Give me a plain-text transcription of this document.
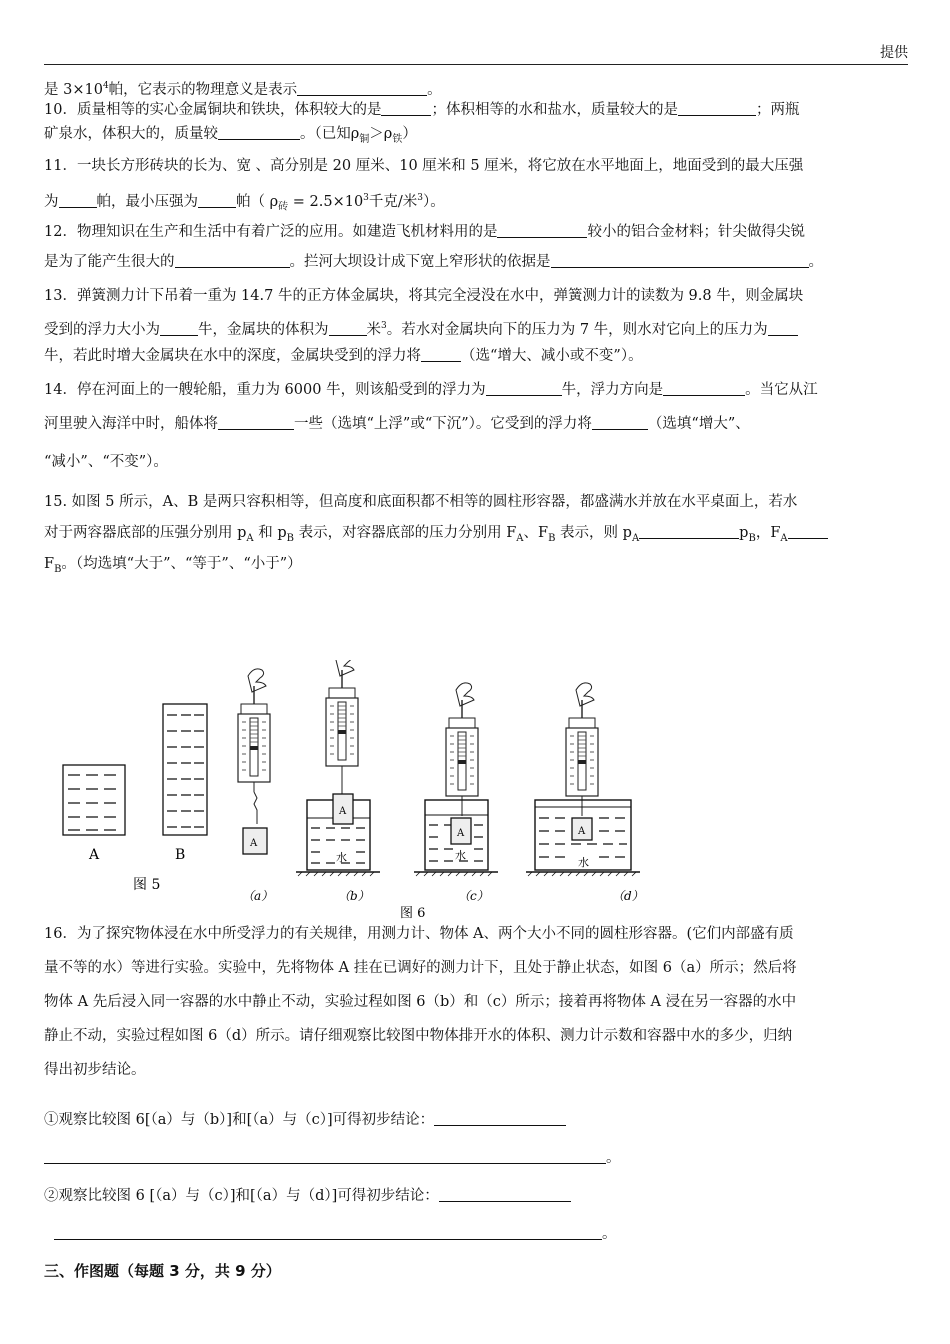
提供
是 $3\times 10^4$帕，它表示的物理意义是表示	。
10．质量相等的实心金属铜块和铁块，体积较大的是	；体积相等的水和盐水，质量较大的是	；两瓶
矿泉水，体积大的，质量较	。（已知$\rho_铜>\rho_铁$）
11．一块长方形砖块的长为、宽 、高分别是 20 厘米、10 厘米和 5 厘米，将它放在水平地面上，地面受到的最大压强
为	帕，最小压强为	帕（ $\rho_砖 = 2.5\times 10^3$千克/米$^3$）。
12．物理知识在生产和生活中有着广泛的应用。如建造飞机材料用的是	较小的铝合金材料；针尖做得尖锐
是为了能产生很大的	。拦河大坝设计成下宽上窄形状的依据是	。
13．弹簧测力计下吊着一重为 14.7 牛的正方体金属块，将其完全浸没在水中，弹簧测力计的读数为 9.8 牛，则金属块
受到的浮力大小为	牛，金属块的体积为	米$^3$。若水对金属块向下的压力为 7 牛，则水对它向上的压力为
牛，若此时增大金属块在水中的深度，金属块受到的浮力将	（选“增大、减小或不变”）。
14．停在河面上的一艘轮船，重力为 6000 牛，则该船受到的浮力为	牛，浮力方向是	。当它从江
河里驶入海洋中时，船体将	一些（选填“上浮”或“下沉”）。它受到的浮力将	（选填“增大”、
“减小”、“不变”）。
15. 如图 5 所示，A、B 是两只容积相等，但高度和底面积都不相等的圆柱形容器，都盛满水并放在水平桌面上，若水
对于两容器底部的压强分别用 $p_A$ 和 $p_B$ 表示，对容器底部的压力分别用 $F_A$、$F_B$ 表示，则 $p_A$	$p_B$，$F_A$
$F_B$。（均选填“大于”、“等于”、“小于”）
A	B
图 5
A
（a）
A
水
（b）
A
水
（c）
A
水
（d）
图 6
16．为了探究物体浸在水中所受浮力的有关规律，用测力计、物体 A、两个大小不同的圆柱形容器。(它们内部盛有质
量不等的水）等进行实验。实验中，先将物体 A 挂在已调好的测力计下，且处于静止状态，如图 6（a）所示；然后将
物体 A 先后浸入同一容器的水中静止不动，实验过程如图 6（b）和（c）所示；接着再将物体 A 浸在另一容器的水中
静止不动，实验过程如图 6（d）所示。请仔细观察比较图中物体排开水的体积、测力计示数和容器中水的多少，归纳
得出初步结论。
①观察比较图 6[（a）与（b）]和[（a）与（c）]可得初步结论：
。
②观察比较图 6 [（a）与（c）]和[（a）与（d）]可得初步结论：
。
三、作图题（每题 3 分，共 9 分）
